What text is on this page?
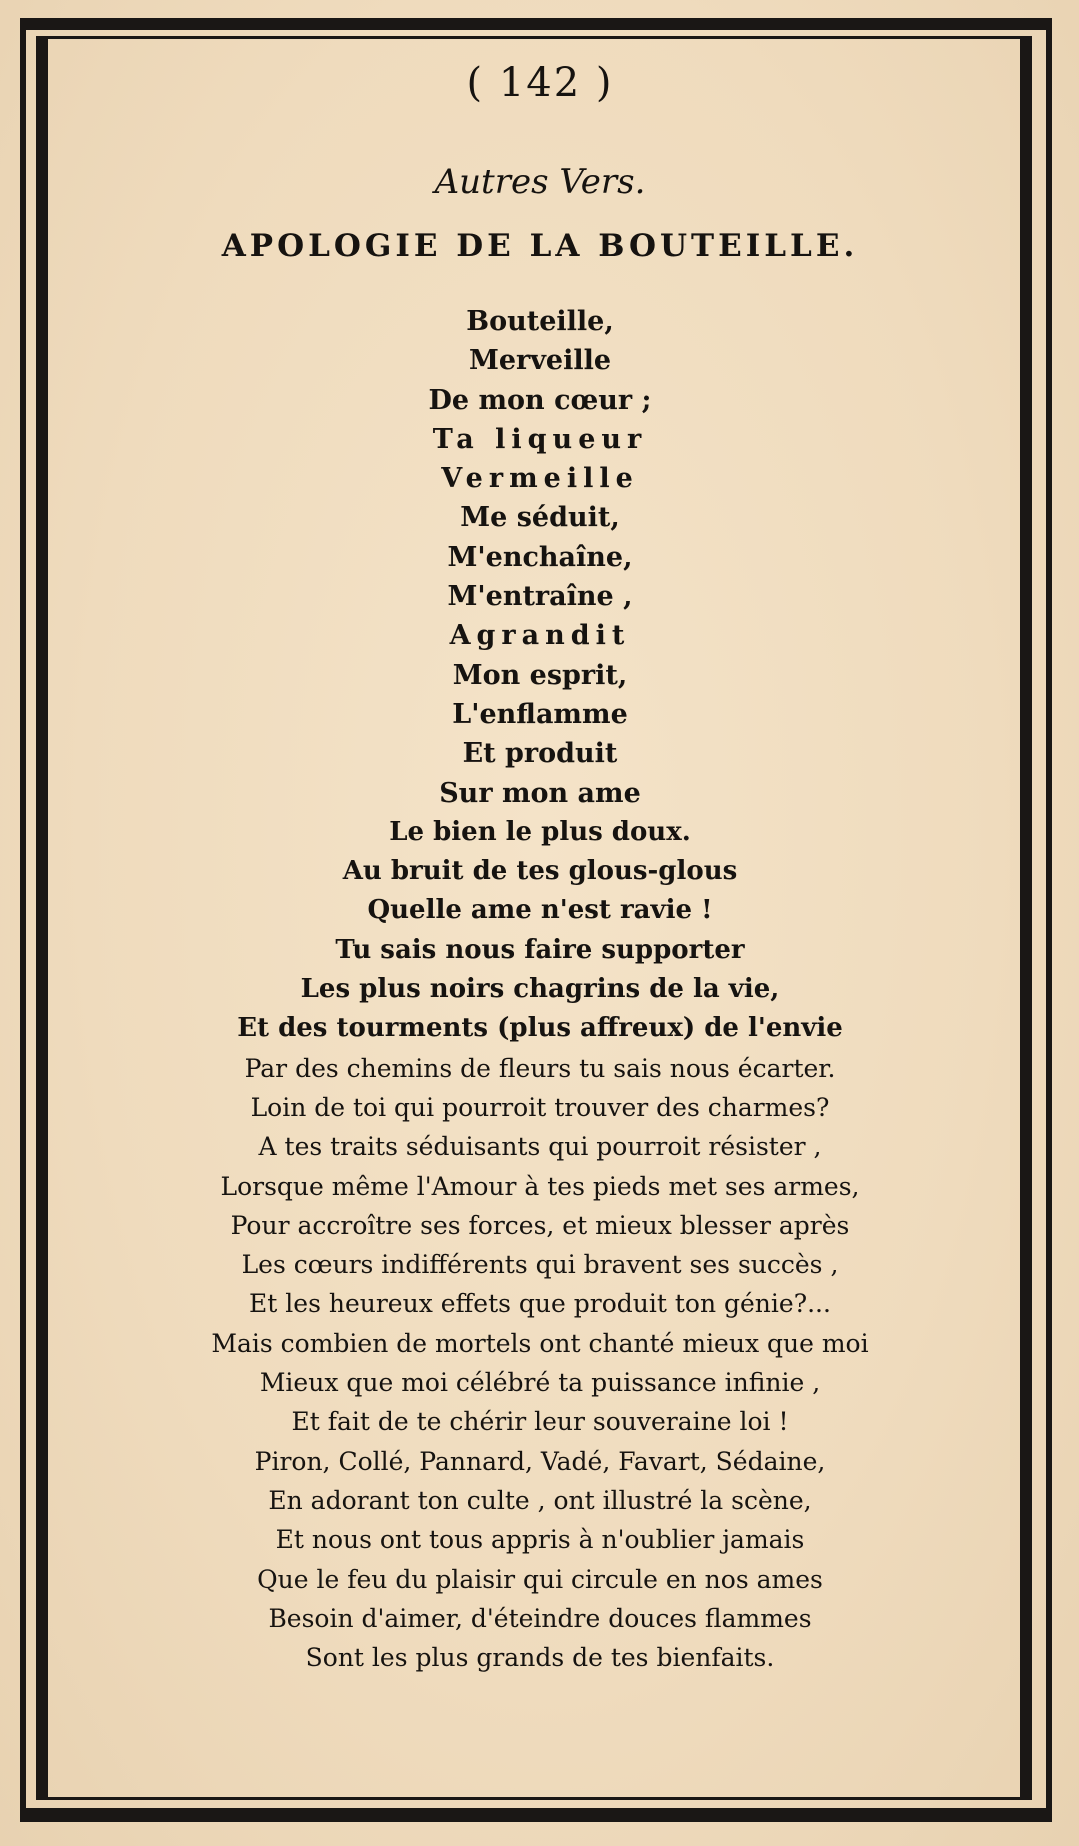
( 142 )
Autres Vers.
APOLOGIE DE LA BOUTEILLE.
Bouteille,
Merveille
De mon cœur ;
Ta liqueur
Vermeille
Me séduit,
M'enchaîne,
M'entraîne ,
Agrandit
Mon esprit,
L'enflamme
Et produit
Sur mon ame
Le bien le plus doux.
Au bruit de tes glous-glous
Quelle ame n'est ravie !
Tu sais nous faire supporter
Les plus noirs chagrins de la vie,
Et des tourments (plus affreux) de l'envie
Par des chemins de fleurs tu sais nous écarter.
Loin de toi qui pourroit trouver des charmes?
A tes traits séduisants qui pourroit résister ,
Lorsque même l'Amour à tes pieds met ses armes,
Pour accroître ses forces, et mieux blesser après
Les cœurs indifférents qui bravent ses succès ,
Et les heureux effets que produit ton génie?...
Mais combien de mortels ont chanté mieux que moi
Mieux que moi célébré ta puissance infinie ,
Et fait de te chérir leur souveraine loi !
Piron, Collé, Pannard, Vadé, Favart, Sédaine,
En adorant ton culte , ont illustré la scène,
Et nous ont tous appris à n'oublier jamais
Que le feu du plaisir qui circule en nos ames
Besoin d'aimer, d'éteindre douces flammes
Sont les plus grands de tes bienfaits.
